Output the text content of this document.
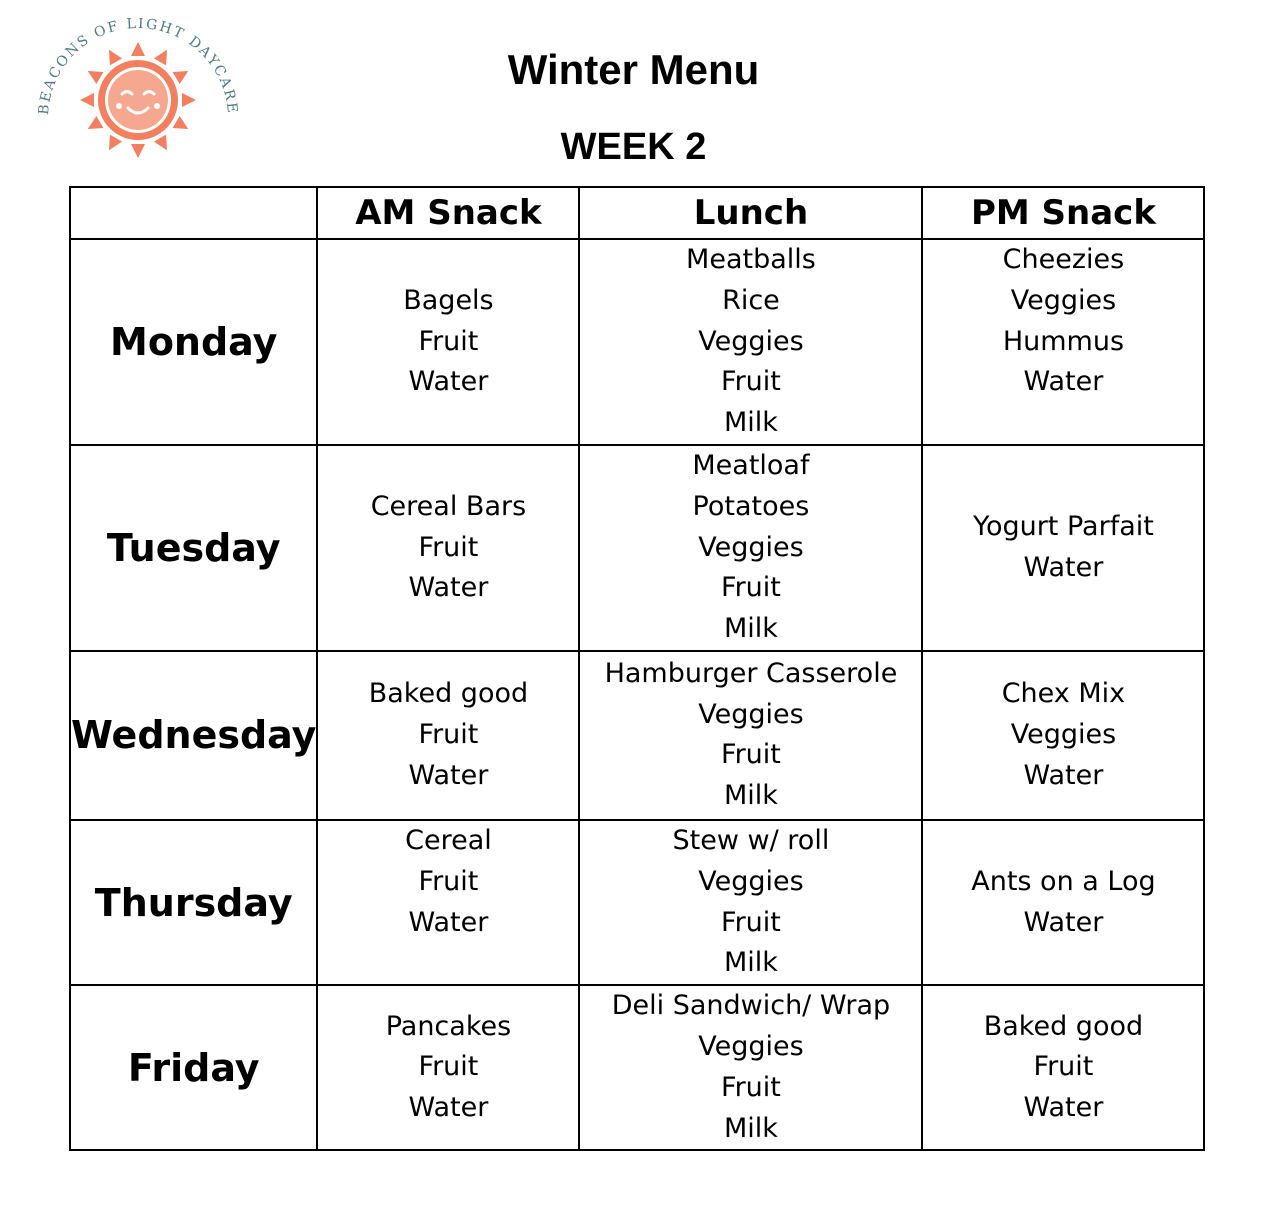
EACONS OF LIGHT DAYCAR
Winter Menu
WEEK 2
	AM Snack	Lunch	PM Snack
Monday	Bagels
Fruit
Water	Meatballs
Rice
Veggies
Fruit
Milk	Cheezies
Veggies
Hummus
Water

Tuesday	Cereal Bars
Fruit
Water	Meatloaf
Potatoes
Veggies
Fruit
Milk	Yogurt Parfait
Water

Wednesday	Baked good
Fruit
Water	Hamburger Casserole
Veggies
Fruit
Milk	Chex Mix
Veggies
Water

Thursday	Cereal
Fruit
Water	Stew w/ roll
Veggies
Fruit
Milk	Ants on a Log
Water

Friday	Pancakes
Fruit
Water	Deli Sandwich/ Wrap
Veggies
Fruit
Milk	Baked good
Fruit
Water
